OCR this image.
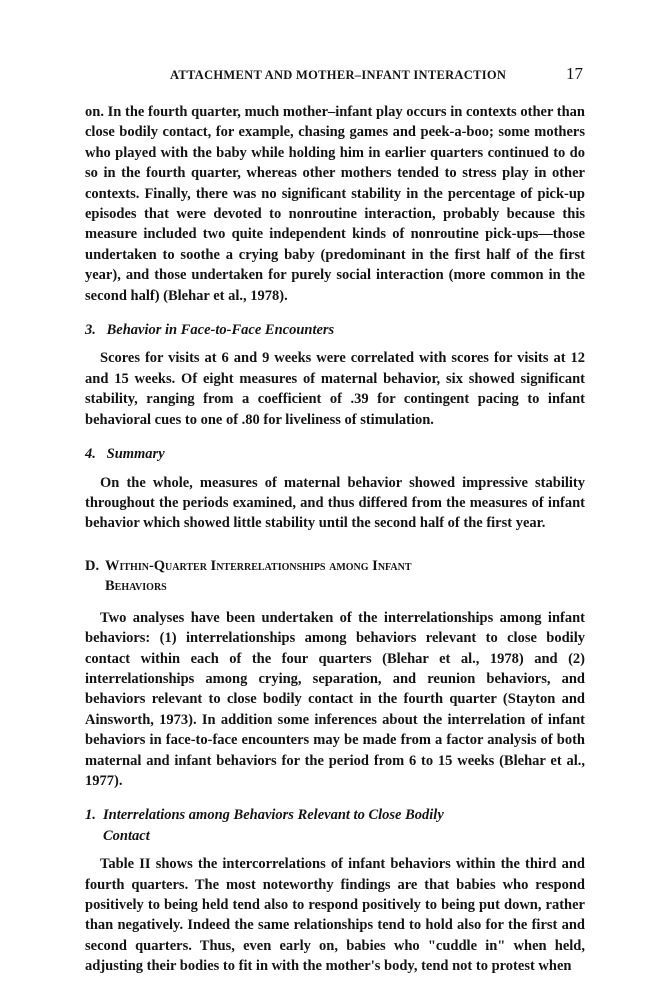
ATTACHMENT AND MOTHER–INFANT INTERACTION	17

on. In the fourth quarter, much mother–infant play occurs in contexts other than close bodily contact, for example, chasing games and peek-a-boo; some mothers who played with the baby while holding him in earlier quarters continued to do so in the fourth quarter, whereas other mothers tended to stress play in other contexts. Finally, there was no significant stability in the percentage of pick-up episodes that were devoted to nonroutine interaction, probably because this measure included two quite independent kinds of nonroutine pick-ups—those undertaken to soothe a crying baby (predominant in the first half of the first year), and those undertaken for purely social interaction (more common in the second half) (Blehar et al., 1978).

3. Behavior in Face-to-Face Encounters

Scores for visits at 6 and 9 weeks were correlated with scores for visits at 12 and 15 weeks. Of eight measures of maternal behavior, six showed significant stability, ranging from a coefficient of .39 for contingent pacing to infant behavioral cues to one of .80 for liveliness of stimulation.

4. Summary

On the whole, measures of maternal behavior showed impressive stability throughout the periods examined, and thus differed from the measures of infant behavior which showed little stability until the second half of the first year.

D. Within-Quarter Interrelationships among Infant
Behaviors

Two analyses have been undertaken of the interrelationships among infant behaviors: (1) interrelationships among behaviors relevant to close bodily contact within each of the four quarters (Blehar et al., 1978) and (2) interrelationships among crying, separation, and reunion behaviors, and behaviors relevant to close bodily contact in the fourth quarter (Stayton and Ainsworth, 1973). In addition some inferences about the interrelation of infant behaviors in face-to-face encounters may be made from a factor analysis of both maternal and infant behaviors for the period from 6 to 15 weeks (Blehar et al., 1977).

1. Interrelations among Behaviors Relevant to Close Bodily
Contact

Table II shows the intercorrelations of infant behaviors within the third and fourth quarters. The most noteworthy findings are that babies who respond positively to being held tend also to respond positively to being put down, rather than negatively. Indeed the same relationships tend to hold also for the first and second quarters. Thus, even early on, babies who "cuddle in" when held, adjusting their bodies to fit in with the mother's body, tend not to protest when
